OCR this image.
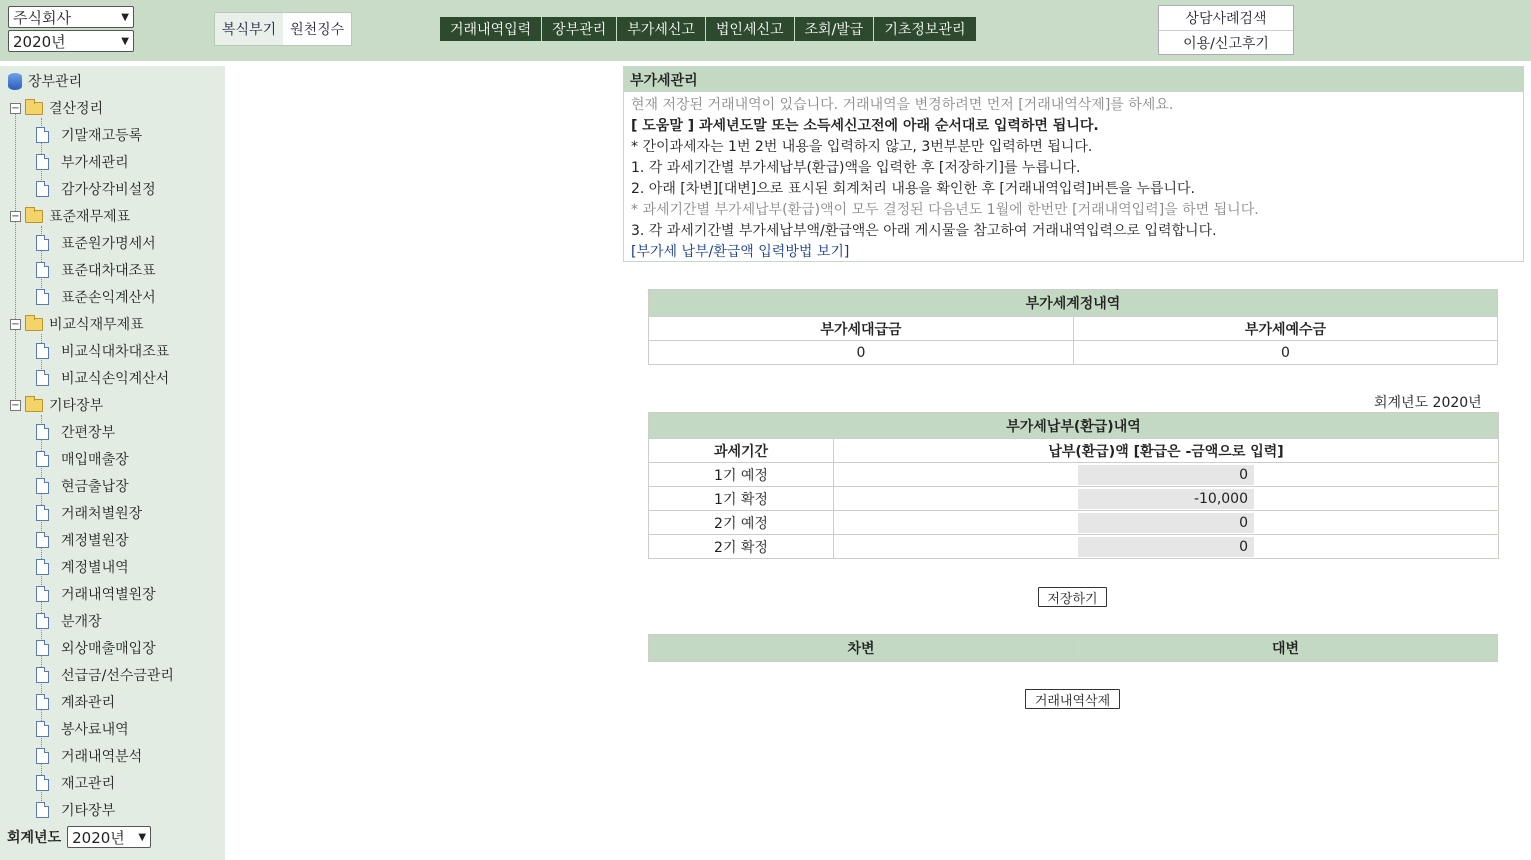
주식회사	▼
2020년	▼
복식부기	원천징수	거래내역입력	장부관리	부가세신고	법인세신고	조회/발급	기초정보관리
상담사례검색
이용/신고후기
장부관리
− 결산정리
기말재고등록
부가세관리
감가상각비설정
− 표준재무제표
표준원가명세서
표준대차대조표
표준손익계산서
− 비교식재무제표
비교식대차대조표
비교식손익계산서
− 기타장부
간편장부
매입매출장
현금출납장
거래처별원장
계정별원장
계정별내역
거래내역별원장
분개장
외상매출매입장
선급금/선수금관리
계좌관리
봉사료내역
거래내역분석
재고관리
기타장부
회계년도 2020년 ▼
부가세관리
현재 저장된 거래내역이 있습니다. 거래내역을 변경하려면 먼저 [거래내역삭제]를 하세요.
[ 도움말 ] 과세년도말 또는 소득세신고전에 아래 순서대로 입력하면 됩니다.
* 간이과세자는 1번 2번 내용을 입력하지 않고, 3번부분만 입력하면 됩니다.
1. 각 과세기간별 부가세납부(환급)액을 입력한 후 [저장하기]를 누릅니다.
2. 아래 [차변][대변]으로 표시된 회계처리 내용을 확인한 후 [거래내역입력]버튼을 누릅니다.
* 과세기간별 부가세납부(환급)액이 모두 결정된 다음년도 1월에 한번만 [거래내역입력]을 하면 됩니다.
3. 각 과세기간별 부가세납부액/환급액은 아래 게시물을 참고하여 거래내역입력으로 입력합니다.
[부가세 납부/환급액 입력방법 보기]
부가세계정내역	
부가세대급금	부가세예수금
0	0
회계년도 2020년
부가세납부(환급)내역	
과세기간	납부(환급)액 [환급은 -금액으로 입력]
1기 예정	0

1기 확정	-10,000

2기 예정	0

2기 확정	0
저장하기
차변	대변
거래내역삭제
